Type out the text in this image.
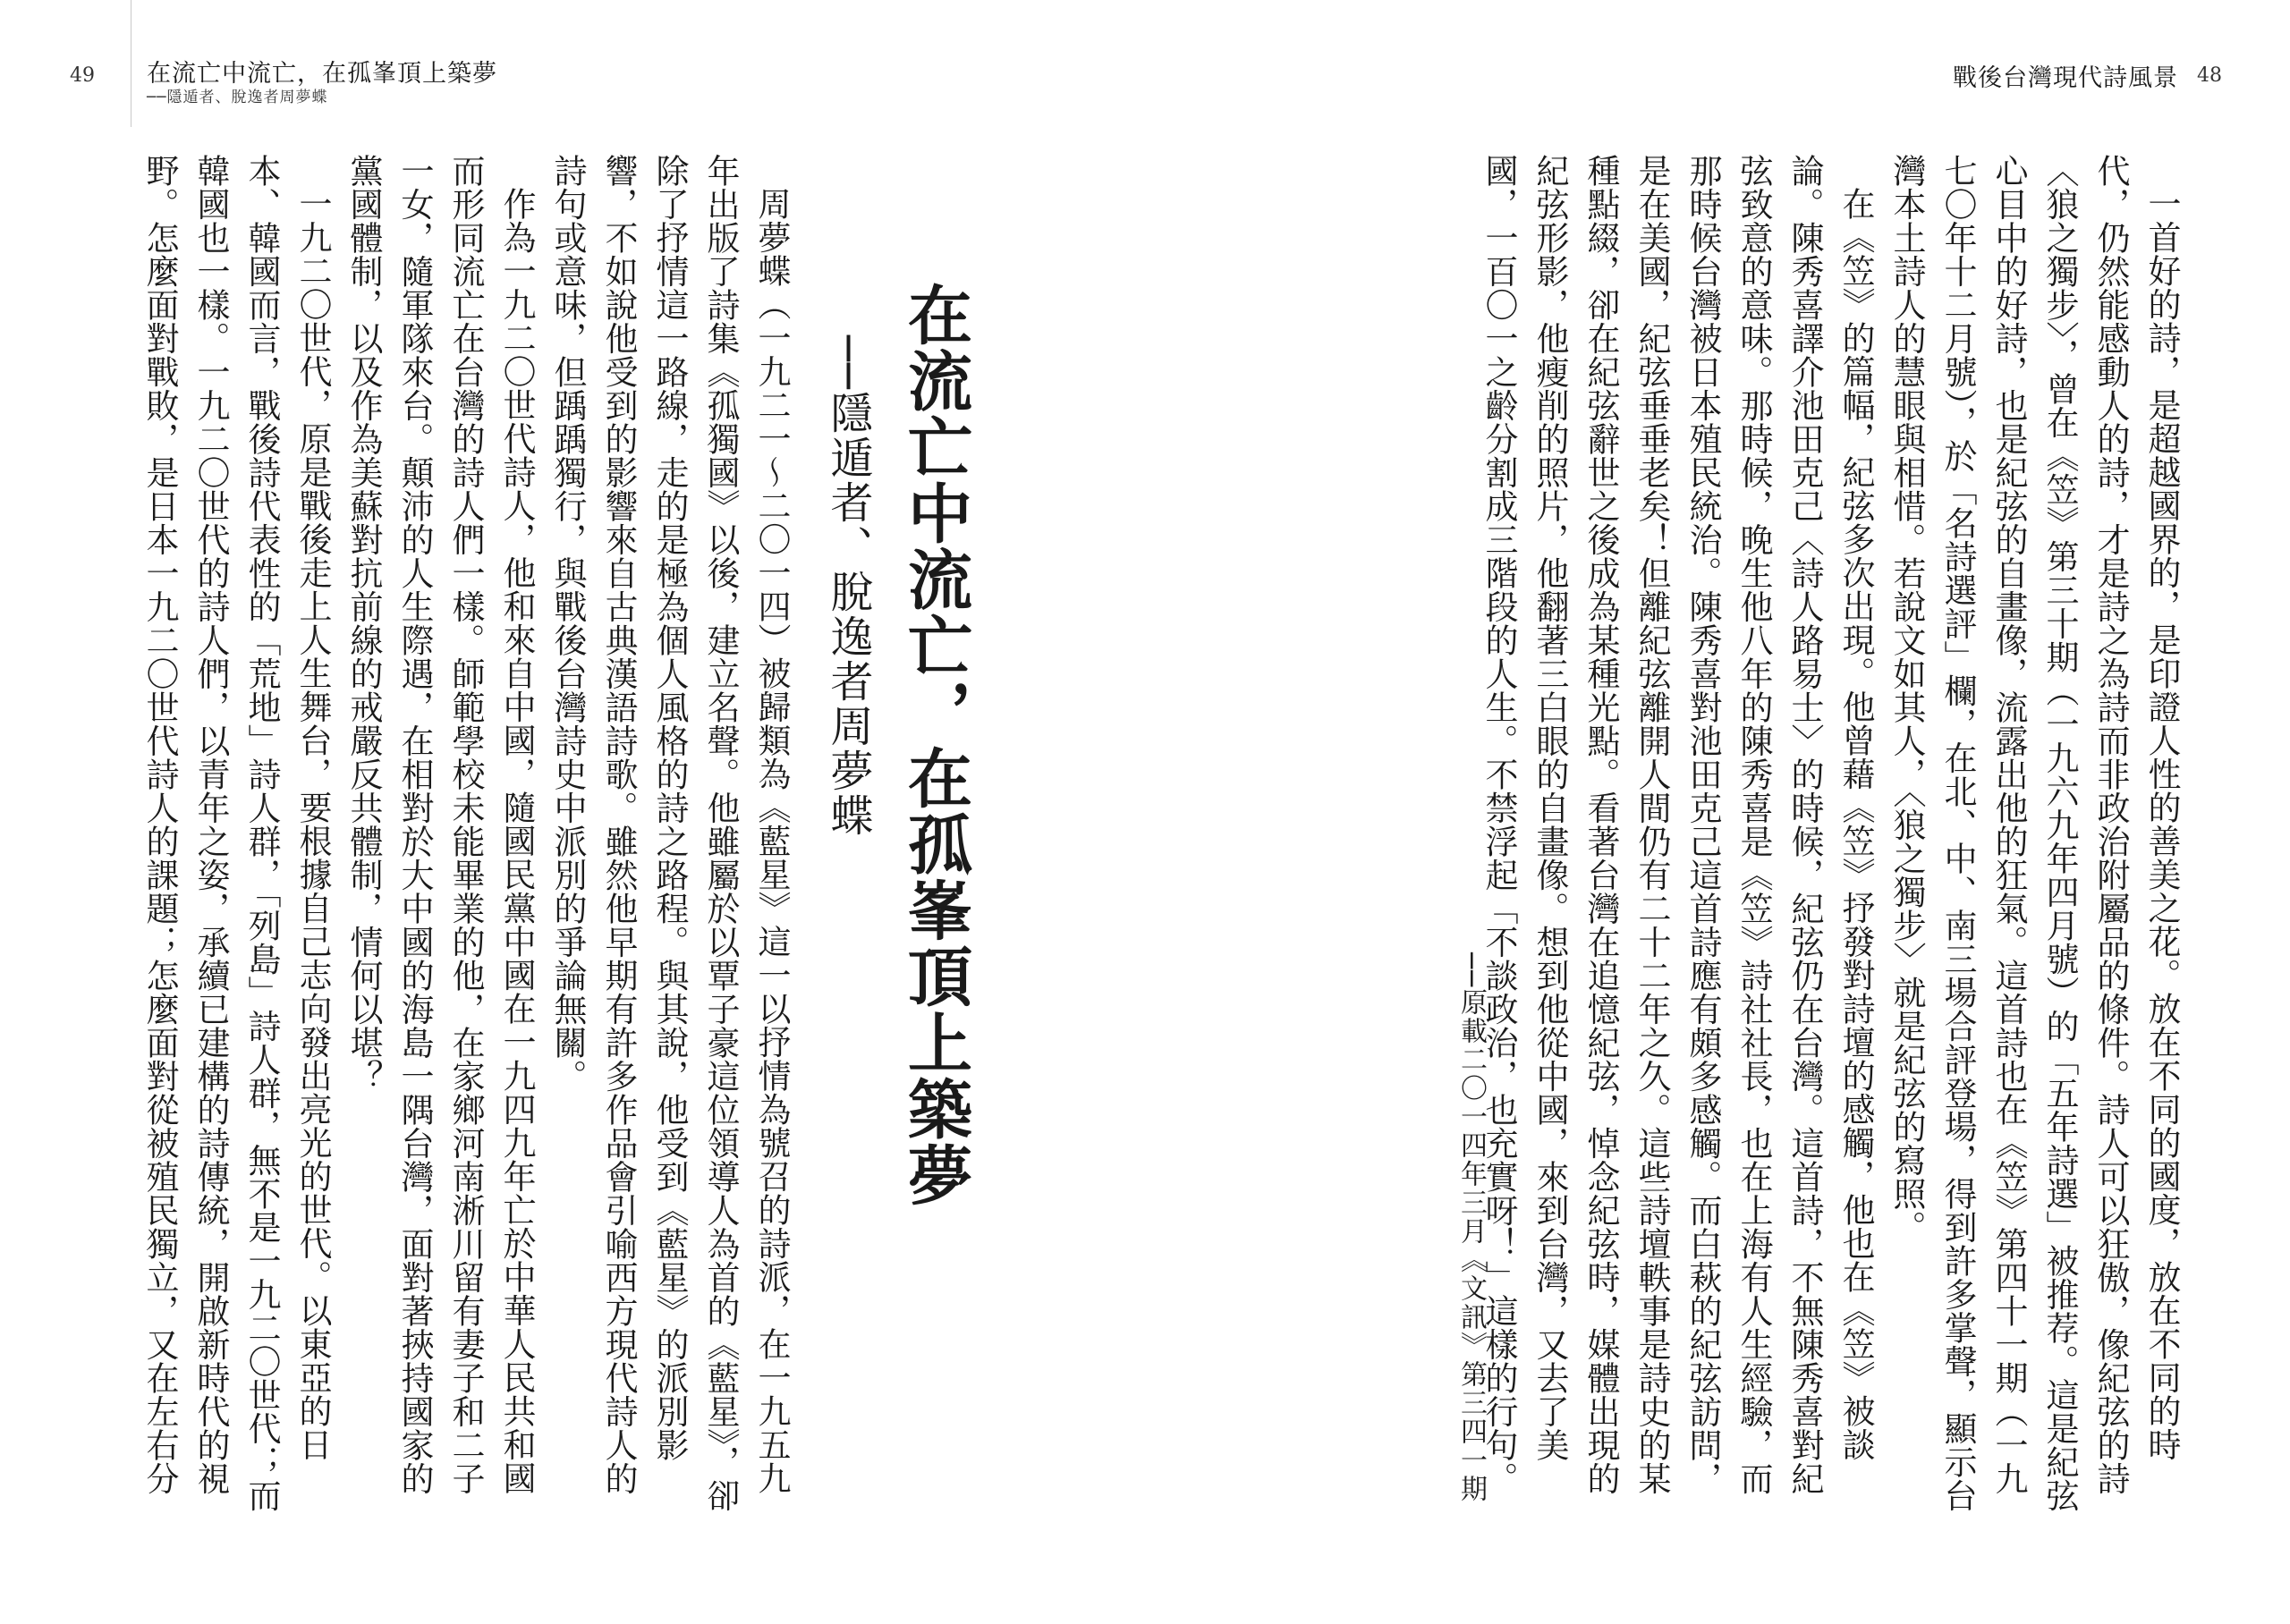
49 在流亡中流亡，在孤峯頂上築夢
──隱遁者、脫逸者周夢蝶
戰後台灣現代詩風景 48

一首好的詩，是超越國界的，是印證人性的善美之花。放在不同的國度，放在不同的時代，仍然能感動人的詩，才是詩之為詩而非政治附屬品的條件。詩人可以狂傲，像紀弦的詩〈狼之獨步〉，曾在《笠》第三十期（一九六九年四月號）的「五年詩選」被推荐。這是紀弦心目中的好詩，也是紀弦的自畫像，流露出他的狂氣。這首詩也在《笠》第四十一期（一九七〇年十二月號），於「名詩選評」欄，在北、中、南三場合評登場，得到許多掌聲，顯示台灣本土詩人的慧眼與相惜。若說文如其人，〈狼之獨步〉就是紀弦的寫照。

在《笠》的篇幅，紀弦多次出現。他曾藉《笠》抒發對詩壇的感觸，他也在《笠》被談論。陳秀喜譯介池田克己〈詩人路易士〉的時候，紀弦仍在台灣。這首詩，不無陳秀喜對紀弦致意的意味。那時候，晚生他八年的陳秀喜是《笠》詩社社長，也在上海有人生經驗，而那時候台灣被日本殖民統治。陳秀喜對池田克己這首詩應有頗多感觸。而白萩的紀弦訪問，是在美國，紀弦垂垂老矣！但離紀弦離開人間仍有二十二年之久。這些詩壇軼事是詩史的某種點綴，卻在紀弦辭世之後成為某種光點。看著台灣在追憶紀弦，悼念紀弦時，媒體出現的紀弦形影，他瘦削的照片，他翻著三白眼的自畫像。想到他從中國，來到台灣，又去了美國，一百〇一之齡分割成三階段的人生。不禁浮起「不談政治，也充實呀！」這樣的行句。

──原載二〇一四年三月《文訊》第三四一期
在流亡中流亡，在孤峯頂上築夢
──隱遁者、脫逸者周夢蝶

周夢蝶（一九二一～二〇一四）被歸類為《藍星》這一以抒情為號召的詩派，在一九五九年出版了詩集《孤獨國》以後，建立名聲。他雖屬於以覃子豪這位領導人為首的《藍星》，卻除了抒情這一路線，走的是極為個人風格的詩之路程。與其說，他受到《藍星》的派別影響，不如說他受到的影響來自古典漢語詩歌。雖然他早期有許多作品會引喻西方現代詩人的詩句或意味，但踽踽獨行，與戰後台灣詩史中派別的爭論無關。

作為一九二〇世代詩人，他和來自中國，隨國民黨中國在一九四九年亡於中華人民共和國而形同流亡在台灣的詩人們一樣。師範學校未能畢業的他，在家鄉河南淅川留有妻子和二子一女，隨軍隊來台。顛沛的人生際遇，在相對於大中國的海島一隅台灣，面對著挾持國家的黨國體制，以及作為美蘇對抗前線的戒嚴反共體制，情何以堪？

一九二〇世代，原是戰後走上人生舞台，要根據自己志向發出亮光的世代。以東亞的日本、韓國而言，戰後詩代表性的「荒地」詩人群，「列島」詩人群，無不是一九二〇世代；而韓國也一樣。一九二〇世代的詩人們，以青年之姿，承續已建構的詩傳統，開啟新時代的視野。怎麼面對戰敗，是日本一九二〇世代詩人的課題；怎麼面對從被殖民獨立，又在左右分
